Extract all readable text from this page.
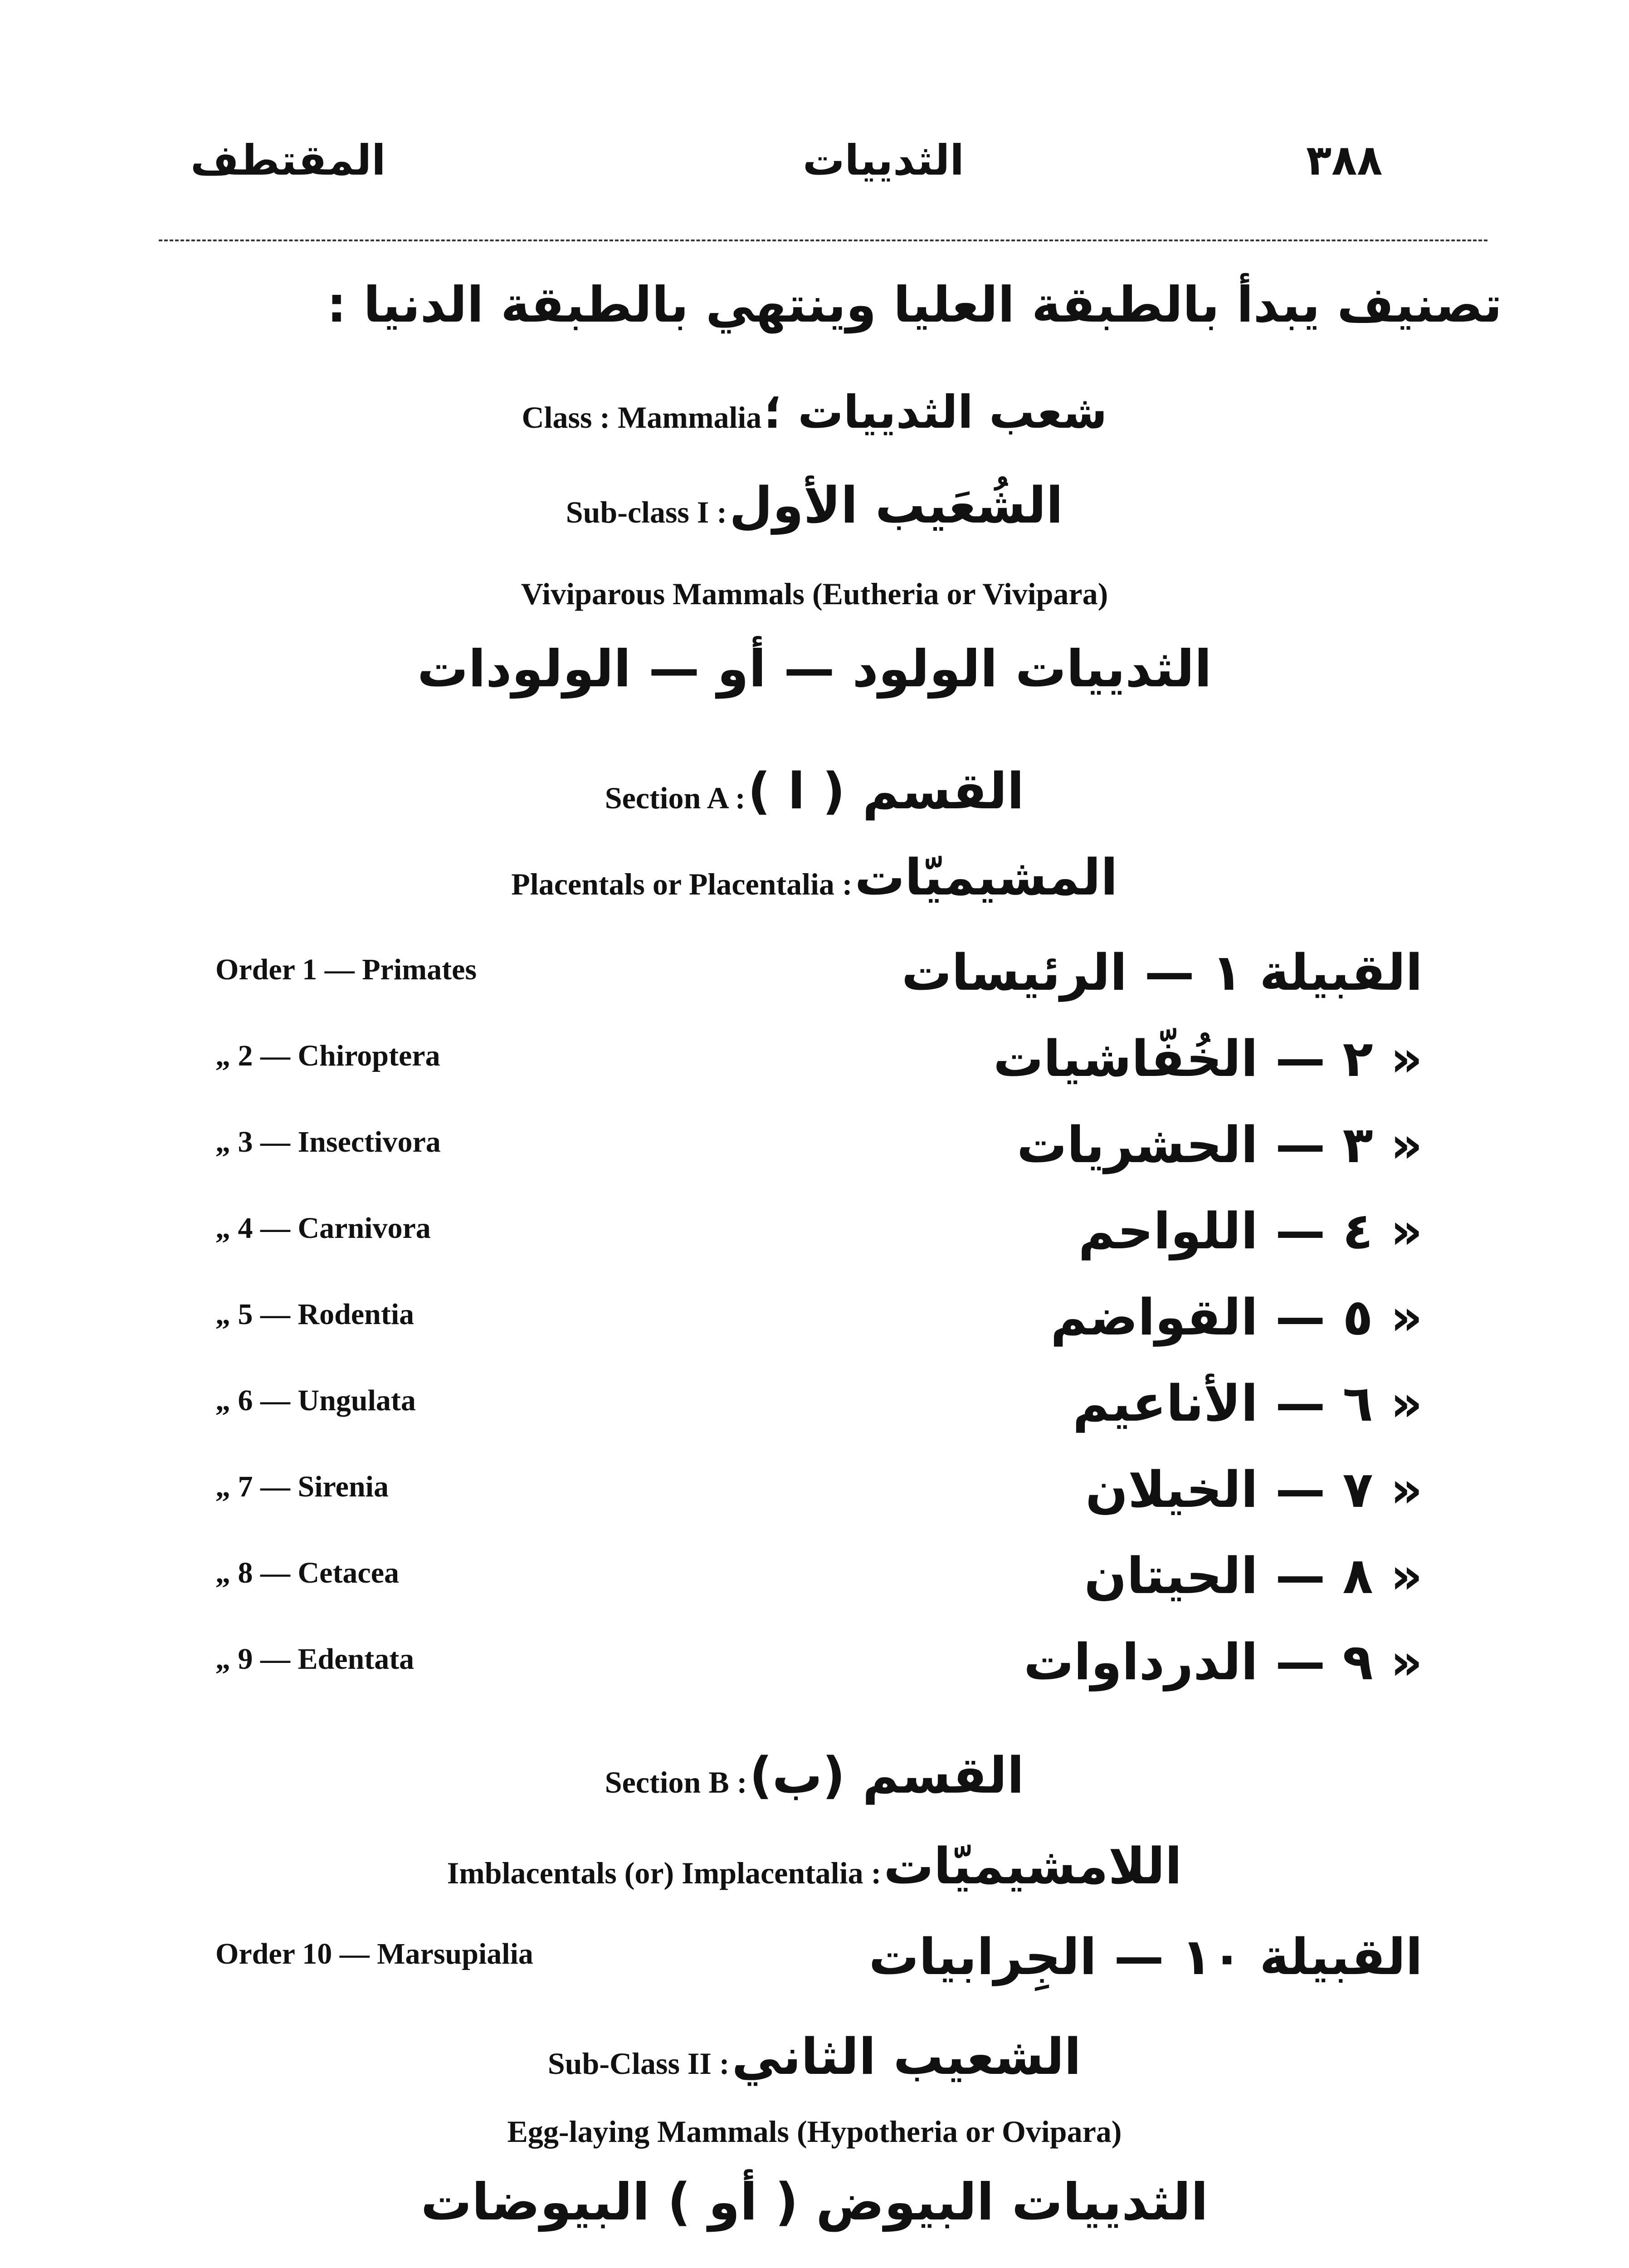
المقتطف	الثدييات	٣٨٨
تصنيف يبدأ بالطبقة العليا وينتهي بالطبقة الدنيا :
Class : Mammalia شعب الثدييات ؛
Sub-class I : الشُعَيب الأول
Viviparous Mammals (Eutheria or Vivipara)
الثدييات الولود — أو — الولودات
Section A : القسم ( ا )
Placentals or Placentalia : المشيميّات
Order 1 — Primates	القبيلة ١ — الرئيسات
„ 2 — Chiroptera	« ٢ — الخُفّاشيات
„ 3 — Insectivora	« ٣ — الحشريات
„ 4 — Carnivora	« ٤ — اللواحم
„ 5 — Rodentia	« ٥ — القواضم
„ 6 — Ungulata	« ٦ — الأناعيم
„ 7 — Sirenia	« ٧ — الخيلان
„ 8 — Cetacea	« ٨ — الحيتان
„ 9 — Edentata	« ٩ — الدرداوات
Section B : القسم (ب)
Imblacentals (or) Implacentalia : اللامشيميّات
Order 10 — Marsupialia	القبيلة ١٠ — الجِرابيات
Sub-Class II : الشعيب الثاني
Egg-laying Mammals (Hypotheria or Ovipara)
الثدييات البيوض ( أو ) البيوضات
